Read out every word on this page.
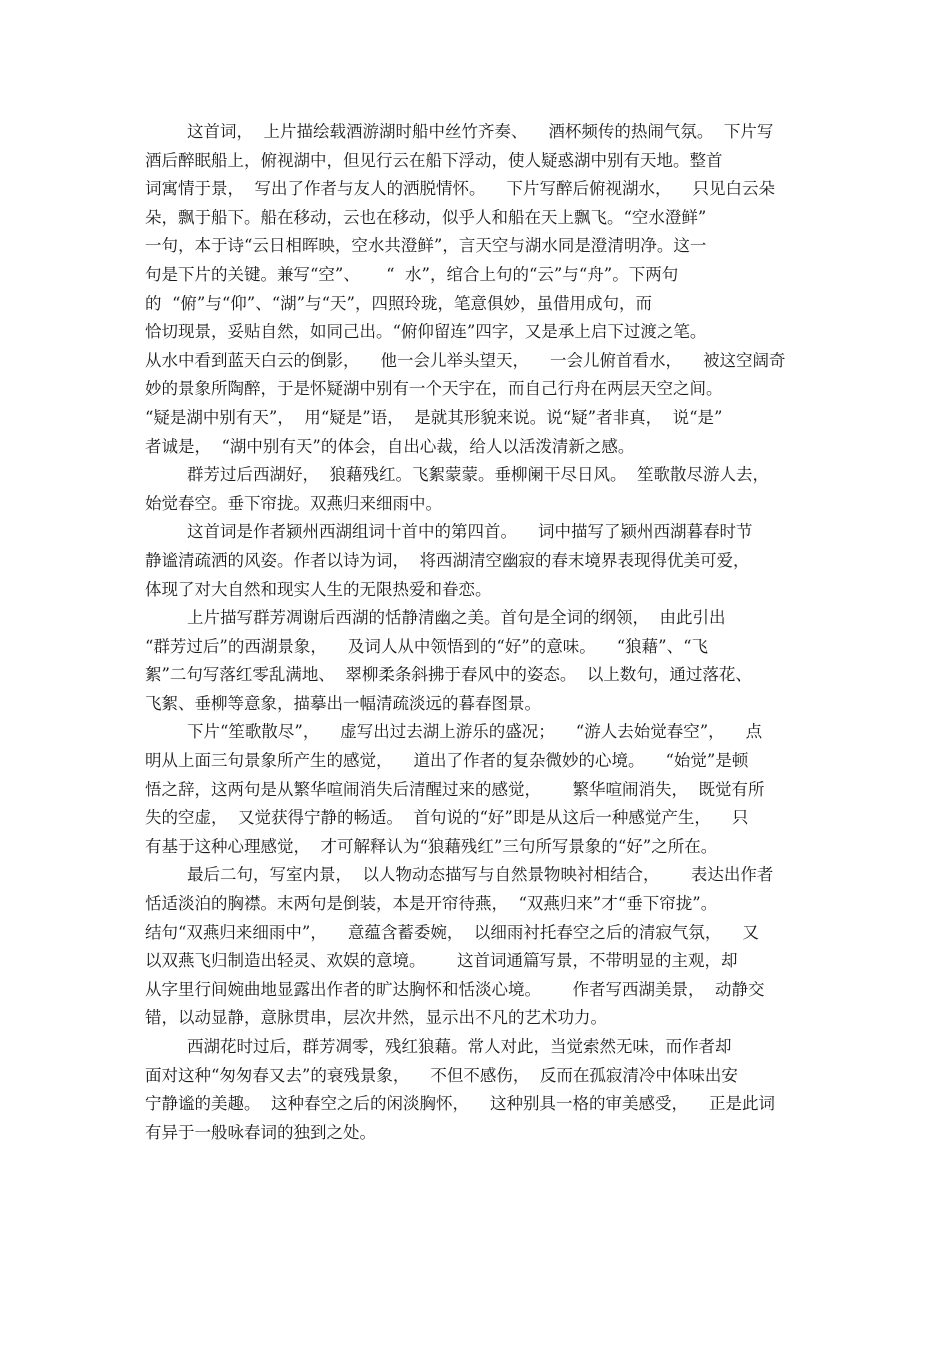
这首词，  上片描绘载酒游湖时船中丝竹齐奏、    酒杯频传的热闹气氛。  下片写
酒后醉眠船上，俯视湖中，但见行云在船下浮动，使人疑惑湖中别有天地。整首
词寓情于景，  写出了作者与友人的洒脱情怀。    下片写醉后俯视湖水，    只见白云朵
朵，飘于船下。船在移动，云也在移动，似乎人和船在天上飘飞。“空水澄鲜”
一句，本于诗“云日相晖映，空水共澄鲜”，言天空与湖水同是澄清明净。这一
句是下片的关键。兼写“空”、     “  水”，绾合上句的“云”与“舟”。下两句
的  “俯”与“仰”、“湖”与“天”，四照玲珑，笔意俱妙，虽借用成句，而
恰切现景，妥贴自然，如同己出。“俯仰留连”四字，又是承上启下过渡之笔。
从水中看到蓝天白云的倒影，    他一会儿举头望天，    一会儿俯首看水，    被这空阔奇
妙的景象所陶醉，于是怀疑湖中别有一个天宇在，而自己行舟在两层天空之间。
“疑是湖中别有天”，  用“疑是”语，  是就其形貌来说。说“疑”者非真，  说“是”
者诚是，  “湖中别有天”的体会，自出心裁，给人以活泼清新之感。
群芳过后西湖好，  狼藉残红。飞絮蒙蒙。垂柳阑干尽日风。  笙歌散尽游人去，
始觉春空。垂下帘拢。双燕归来细雨中。
这首词是作者颍州西湖组词十首中的第四首。    词中描写了颍州西湖暮春时节
静谧清疏洒的风姿。作者以诗为词，  将西湖清空幽寂的春末境界表现得优美可爱，
体现了对大自然和现实人生的无限热爱和眷恋。
上片描写群芳凋谢后西湖的恬静清幽之美。首句是全词的纲领，  由此引出
“群芳过后”的西湖景象，    及词人从中领悟到的“好”的意味。    “狼藉”、“飞
絮”二句写落红零乱满地、  翠柳柔条斜拂于春风中的姿态。  以上数句，通过落花、
飞絮、垂柳等意象，描摹出一幅清疏淡远的暮春图景。
下片“笙歌散尽”，    虚写出过去湖上游乐的盛况；    “游人去始觉春空”，    点
明从上面三句景象所产生的感觉，    道出了作者的复杂微妙的心境。    “始觉”是顿
悟之辞，这两句是从繁华喧闹消失后清醒过来的感觉，      繁华喧闹消失，  既觉有所
失的空虚，  又觉获得宁静的畅适。  首句说的“好”即是从这后一种感觉产生，    只
有基于这种心理感觉，  才可解释认为“狼藉残红”三句所写景象的“好”之所在。
最后二句，写室内景，  以人物动态描写与自然景物映衬相结合，      表达出作者
恬适淡泊的胸襟。末两句是倒装，本是开帘待燕，  “双燕归来”才“垂下帘拢”。
结句“双燕归来细雨中”，    意蕴含蓄委婉，  以细雨衬托春空之后的清寂气氛，    又
以双燕飞归制造出轻灵、欢娱的意境。      这首词通篇写景，不带明显的主观，却
从字里行间婉曲地显露出作者的旷达胸怀和恬淡心境。      作者写西湖美景，  动静交
错，以动显静，意脉贯串，层次井然，显示出不凡的艺术功力。
西湖花时过后，群芳凋零，残红狼藉。常人对此，当觉索然无味，而作者却
面对这种“匆匆春又去”的衰残景象，    不但不感伤，  反而在孤寂清冷中体味出安
宁静谧的美趣。  这种春空之后的闲淡胸怀，    这种别具一格的审美感受，    正是此词
有异于一般咏春词的独到之处。
